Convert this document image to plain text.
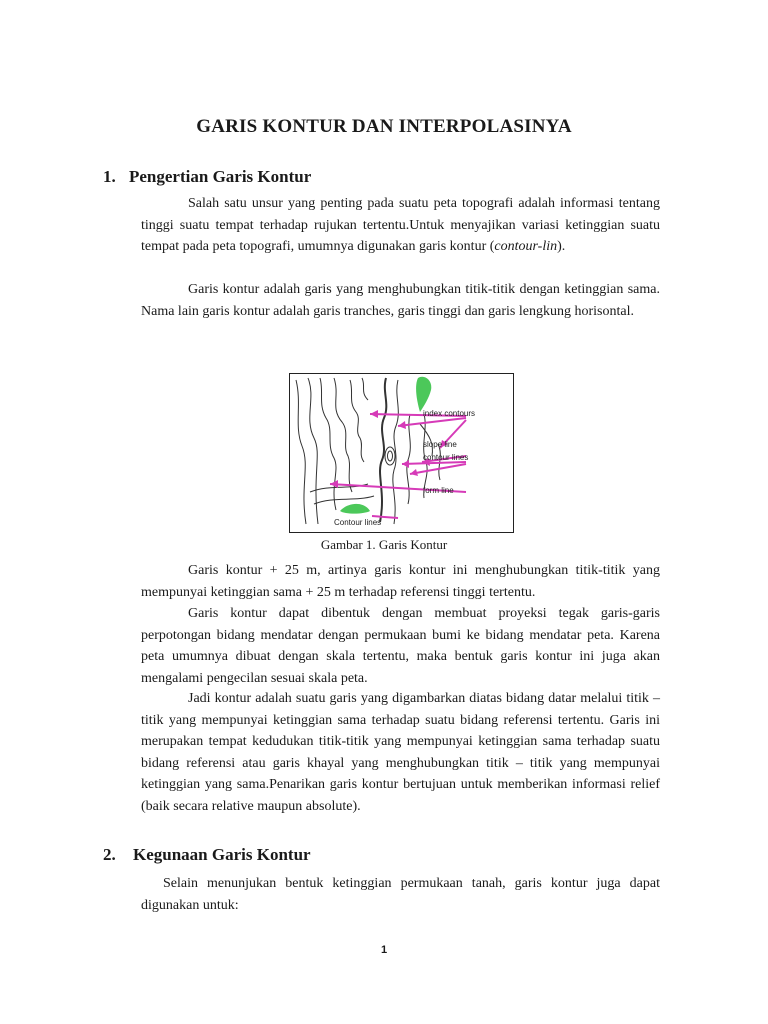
GARIS KONTUR DAN INTERPOLASINYA
1. Pengertian Garis Kontur

Salah satu unsur yang penting pada suatu peta topografi adalah informasi tentang tinggi suatu tempat terhadap rujukan tertentu.Untuk menyajikan variasi ketinggian suatu tempat pada peta topografi, umumnya digunakan garis kontur (contour-lin).

Garis kontur adalah garis yang menghubungkan titik-titik dengan ketinggian sama. Nama lain garis kontur adalah garis tranches, garis tinggi dan garis lengkung horisontal.

index contours
slope line
contour lines
form line
Contour lines
Gambar 1. Garis Kontur

Garis kontur + 25 m, artinya garis kontur ini menghubungkan titik-titik yang mempunyai ketinggian sama + 25 m terhadap referensi tinggi tertentu.

Garis kontur dapat dibentuk dengan membuat proyeksi tegak garis-garis perpotongan bidang mendatar dengan permukaan bumi ke bidang mendatar peta. Karena peta umumnya dibuat dengan skala tertentu, maka bentuk garis kontur ini juga akan mengalami pengecilan sesuai skala peta.

Jadi kontur adalah suatu garis yang digambarkan diatas bidang datar melalui titik –titik yang mempunyai ketinggian sama terhadap suatu bidang referensi tertentu. Garis ini merupakan tempat kedudukan titik-titik yang mempunyai ketinggian sama terhadap suatu bidang referensi atau garis khayal yang menghubungkan titik – titik yang mempunyai ketinggian yang sama.Penarikan garis kontur bertujuan untuk memberikan informasi relief (baik secara relative maupun absolute).

2. Kegunaan Garis Kontur

Selain menunjukan bentuk ketinggian permukaan tanah, garis kontur juga dapat digunakan untuk:

1
